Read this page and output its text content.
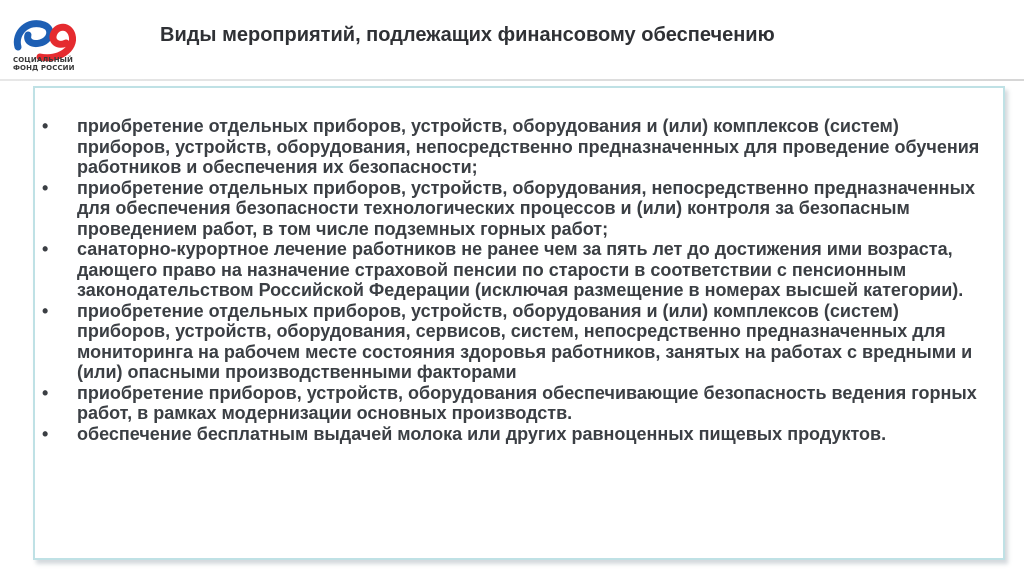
СОЦИАЛЬНЫЙ
ФОНД РОССИИ
Виды мероприятий, подлежащих финансовому обеспечению
• приобретение отдельных приборов, устройств, оборудования и (или) комплексов (систем) приборов, устройств, оборудования, непосредственно предназначенных для проведение обучения работников и обеспечения их безопасности;
• приобретение отдельных приборов, устройств, оборудования, непосредственно предназначенных для обеспечения безопасности технологических процессов и (или) контроля за безопасным проведением работ, в том числе подземных горных работ;
• санаторно-курортное лечение работников не ранее чем за пять лет до достижения ими возраста, дающего право на назначение страховой пенсии по старости в соответствии с пенсионным законодательством Российской Федерации (исключая размещение в номерах высшей категории).
• приобретение отдельных приборов, устройств, оборудования и (или) комплексов (систем) приборов, устройств, оборудования, сервисов, систем, непосредственно предназначенных для мониторинга на рабочем месте состояния здоровья работников, занятых на работах с вредными и (или) опасными производственными факторами
• приобретение приборов, устройств, оборудования обеспечивающие безопасность ведения горных работ, в рамках модернизации основных производств.
• обеспечение бесплатным выдачей молока или других равноценных пищевых продуктов.
